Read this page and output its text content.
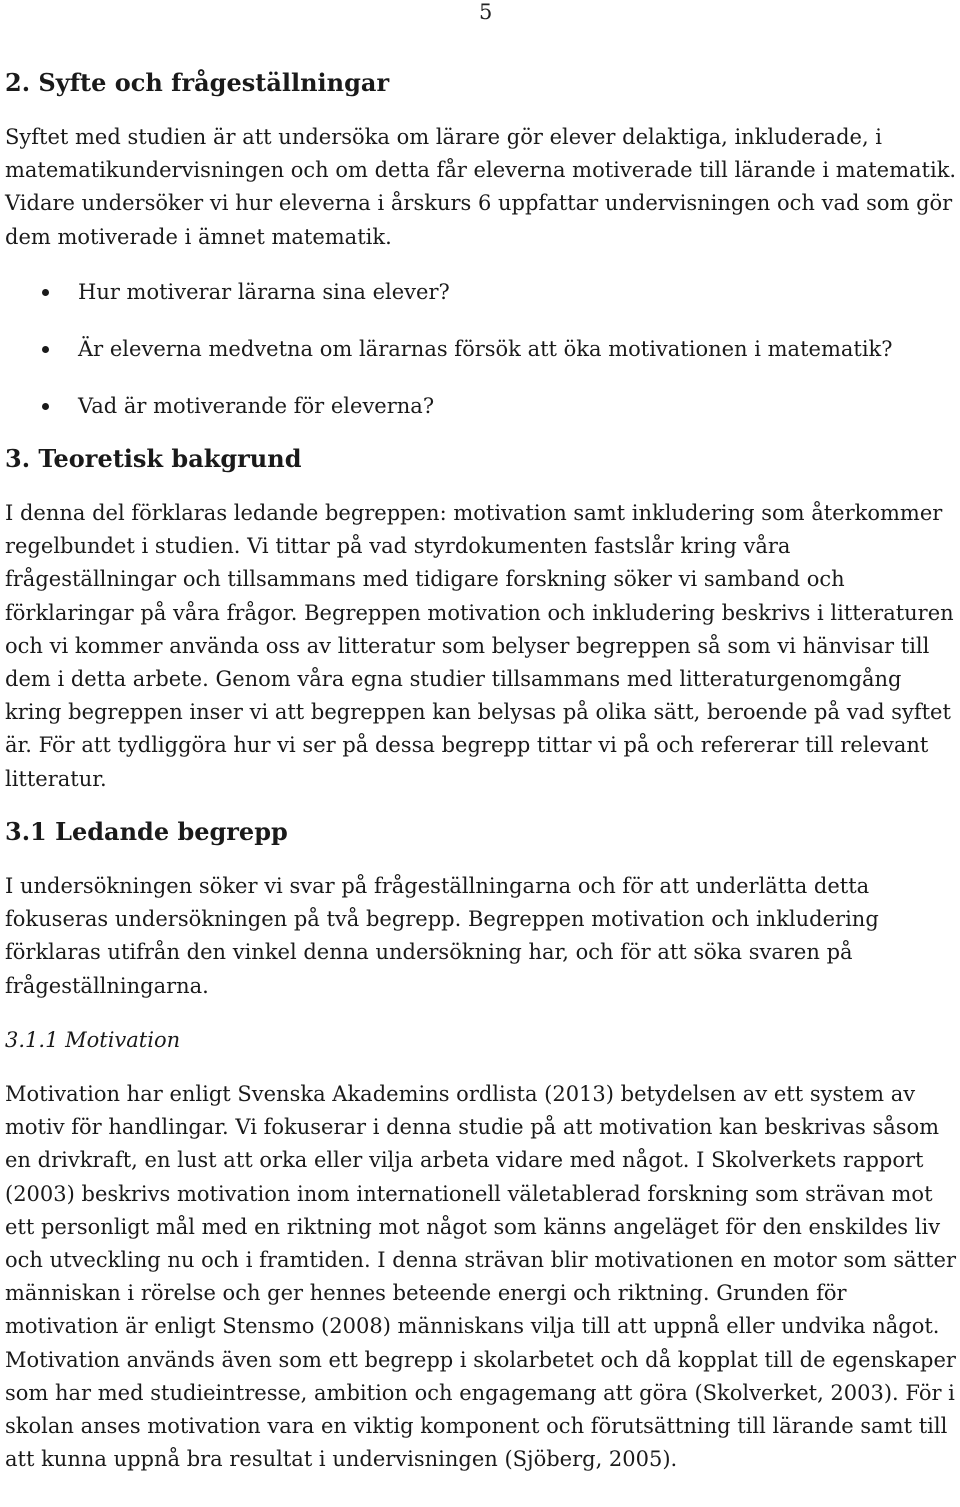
5
2. Syfte och frågeställningar

Syftet med studien är att undersöka om lärare gör elever delaktiga, inkluderade, i matematikundervisningen och om detta får eleverna motiverade till lärande i matematik. Vidare undersöker vi hur eleverna i årskurs 6 uppfattar undervisningen och vad som gör dem motiverade i ämnet matematik.

Hur motiverar lärarna sina elever?
Är eleverna medvetna om lärarnas försök att öka motivationen i matematik?
Vad är motiverande för eleverna?
3. Teoretisk bakgrund

I denna del förklaras ledande begreppen: motivation samt inkludering som återkommer regelbundet i studien. Vi tittar på vad styrdokumenten fastslår kring våra frågeställningar och tillsammans med tidigare forskning söker vi samband och förklaringar på våra frågor. Begreppen motivation och inkludering beskrivs i litteraturen och vi kommer använda oss av litteratur som belyser begreppen så som vi hänvisar till dem i detta arbete. Genom våra egna studier tillsammans med litteraturgenomgång kring begreppen inser vi att begreppen kan belysas på olika sätt, beroende på vad syftet är. För att tydliggöra hur vi ser på dessa begrepp tittar vi på och refererar till relevant litteratur.

3.1 Ledande begrepp

I undersökningen söker vi svar på frågeställningarna och för att underlätta detta fokuseras undersökningen på två begrepp. Begreppen motivation och inkludering förklaras utifrån den vinkel denna undersökning har, och för att söka svaren på frågeställningarna.

3.1.1 Motivation

Motivation har enligt Svenska Akademins ordlista (2013) betydelsen av ett system av motiv för handlingar. Vi fokuserar i denna studie på att motivation kan beskrivas såsom en drivkraft, en lust att orka eller vilja arbeta vidare med något. I Skolverkets rapport (2003) beskrivs motivation inom internationell väletablerad forskning som strävan mot ett personligt mål med en riktning mot något som känns angeläget för den enskildes liv och utveckling nu och i framtiden. I denna strävan blir motivationen en motor som sätter människan i rörelse och ger hennes beteende energi och riktning. Grunden för motivation är enligt Stensmo (2008) människans vilja till att uppnå eller undvika något. Motivation används även som ett begrepp i skolarbetet och då kopplat till de egenskaper som har med studieintresse, ambition och engagemang att göra (Skolverket, 2003). För i skolan anses motivation vara en viktig komponent och förutsättning till lärande samt till att kunna uppnå bra resultat i undervisningen (Sjöberg, 2005).
